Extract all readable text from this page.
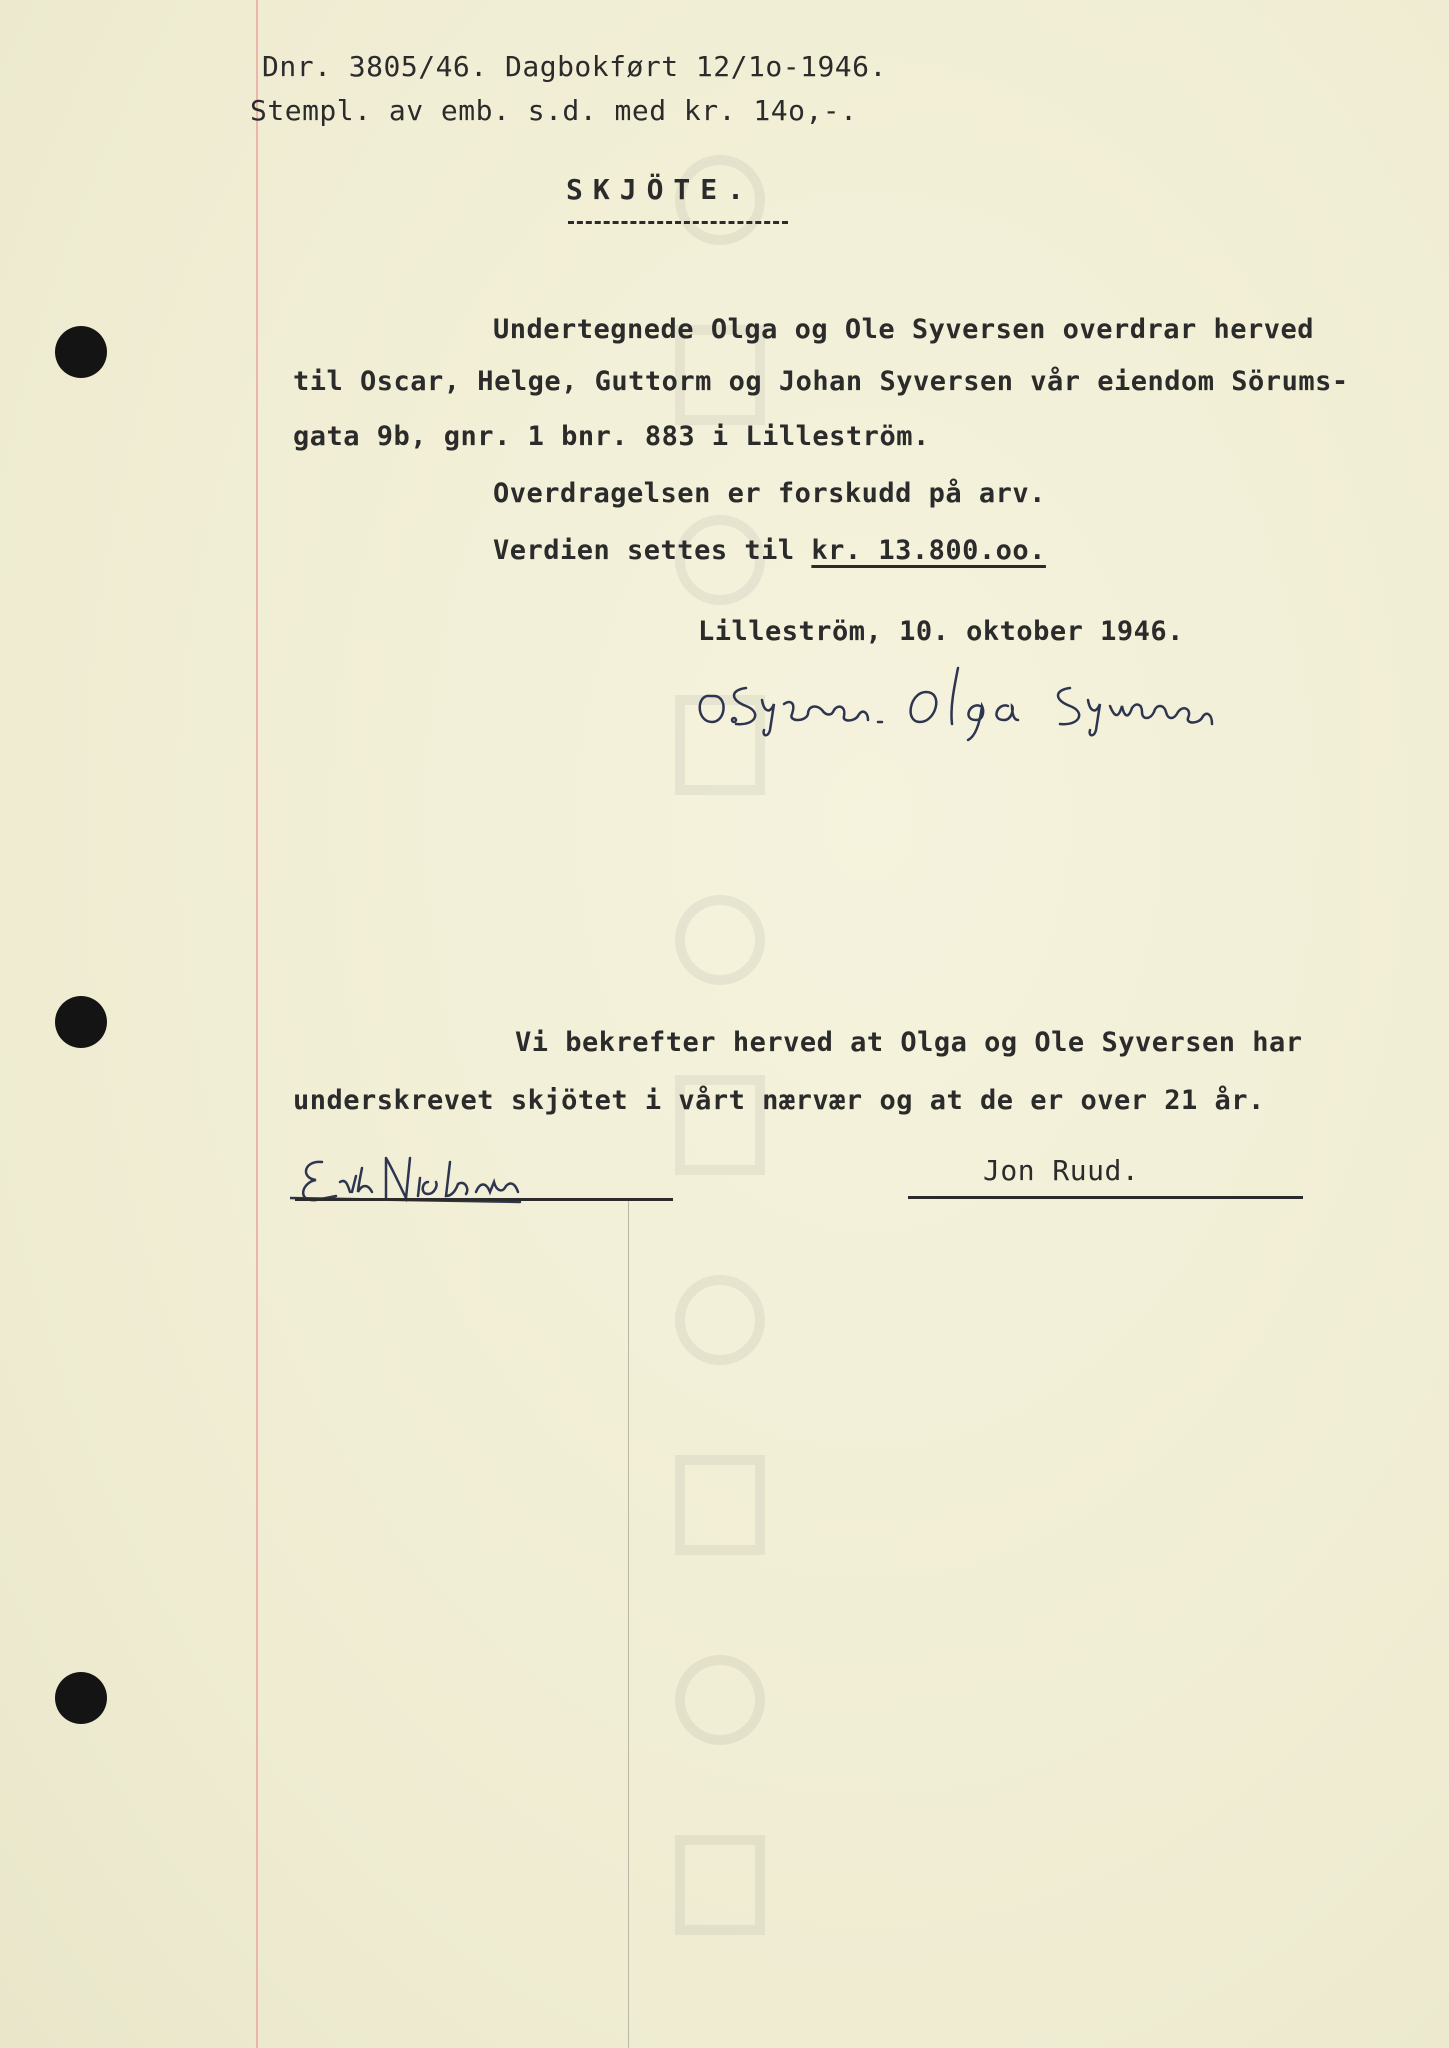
Dnr. 3805/46. Dagbokført 12/1o-1946.
Stempl. av emb. s.d. med kr. 14o,-.
SKJÖTE.
Undertegnede Olga og Ole Syversen overdrar herved
til Oscar, Helge, Guttorm og Johan Syversen vår eiendom Sörums-
gata 9b, gnr. 1 bnr. 883 i Lilleström.
Overdragelsen er forskudd på arv.
Verdien settes til kr. 13.800.oo.
Lilleström, 10. oktober 1946.
Vi bekrefter herved at Olga og Ole Syversen har
underskrevet skjötet i vårt nærvær og at de er over 21 år.
Jon Ruud.
